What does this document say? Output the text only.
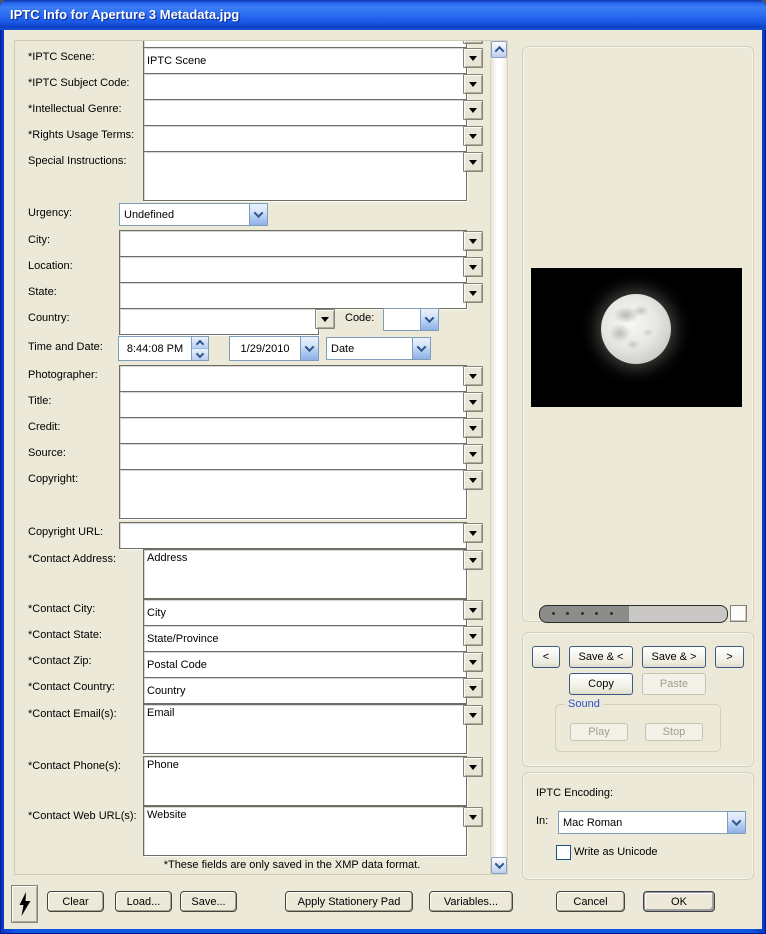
IPTC Info for Aperture 3 Metadata.jpg
*IPTC Scene:
IPTC Scene
*IPTC Subject Code:
*Intellectual Genre:
*Rights Usage Terms:
Special Instructions:
Urgency:	Undefined
City:
Location:
State:
Country:	Code:
Time and Date:	8:44:08 PM	1/29/2010	Date
Photographer:
Title:
Credit:
Source:
Copyright:
Copyright URL:
*Contact Address:
Address
*Contact City:
City
*Contact State:
State/Province
*Contact Zip:
Postal Code
*Contact Country:
Country
*Contact Email(s):
Email
*Contact Phone(s):
Phone
*Contact Web URL(s):
Website
*These fields are only saved in the XMP data format.
<	Save & <	Save & >	>
Copy	Paste
Sound
Play	Stop
IPTC Encoding:
In:	Mac Roman
Write as Unicode
Clear	Load...	Save...	Apply Stationery Pad	Variables...	Cancel	OK
